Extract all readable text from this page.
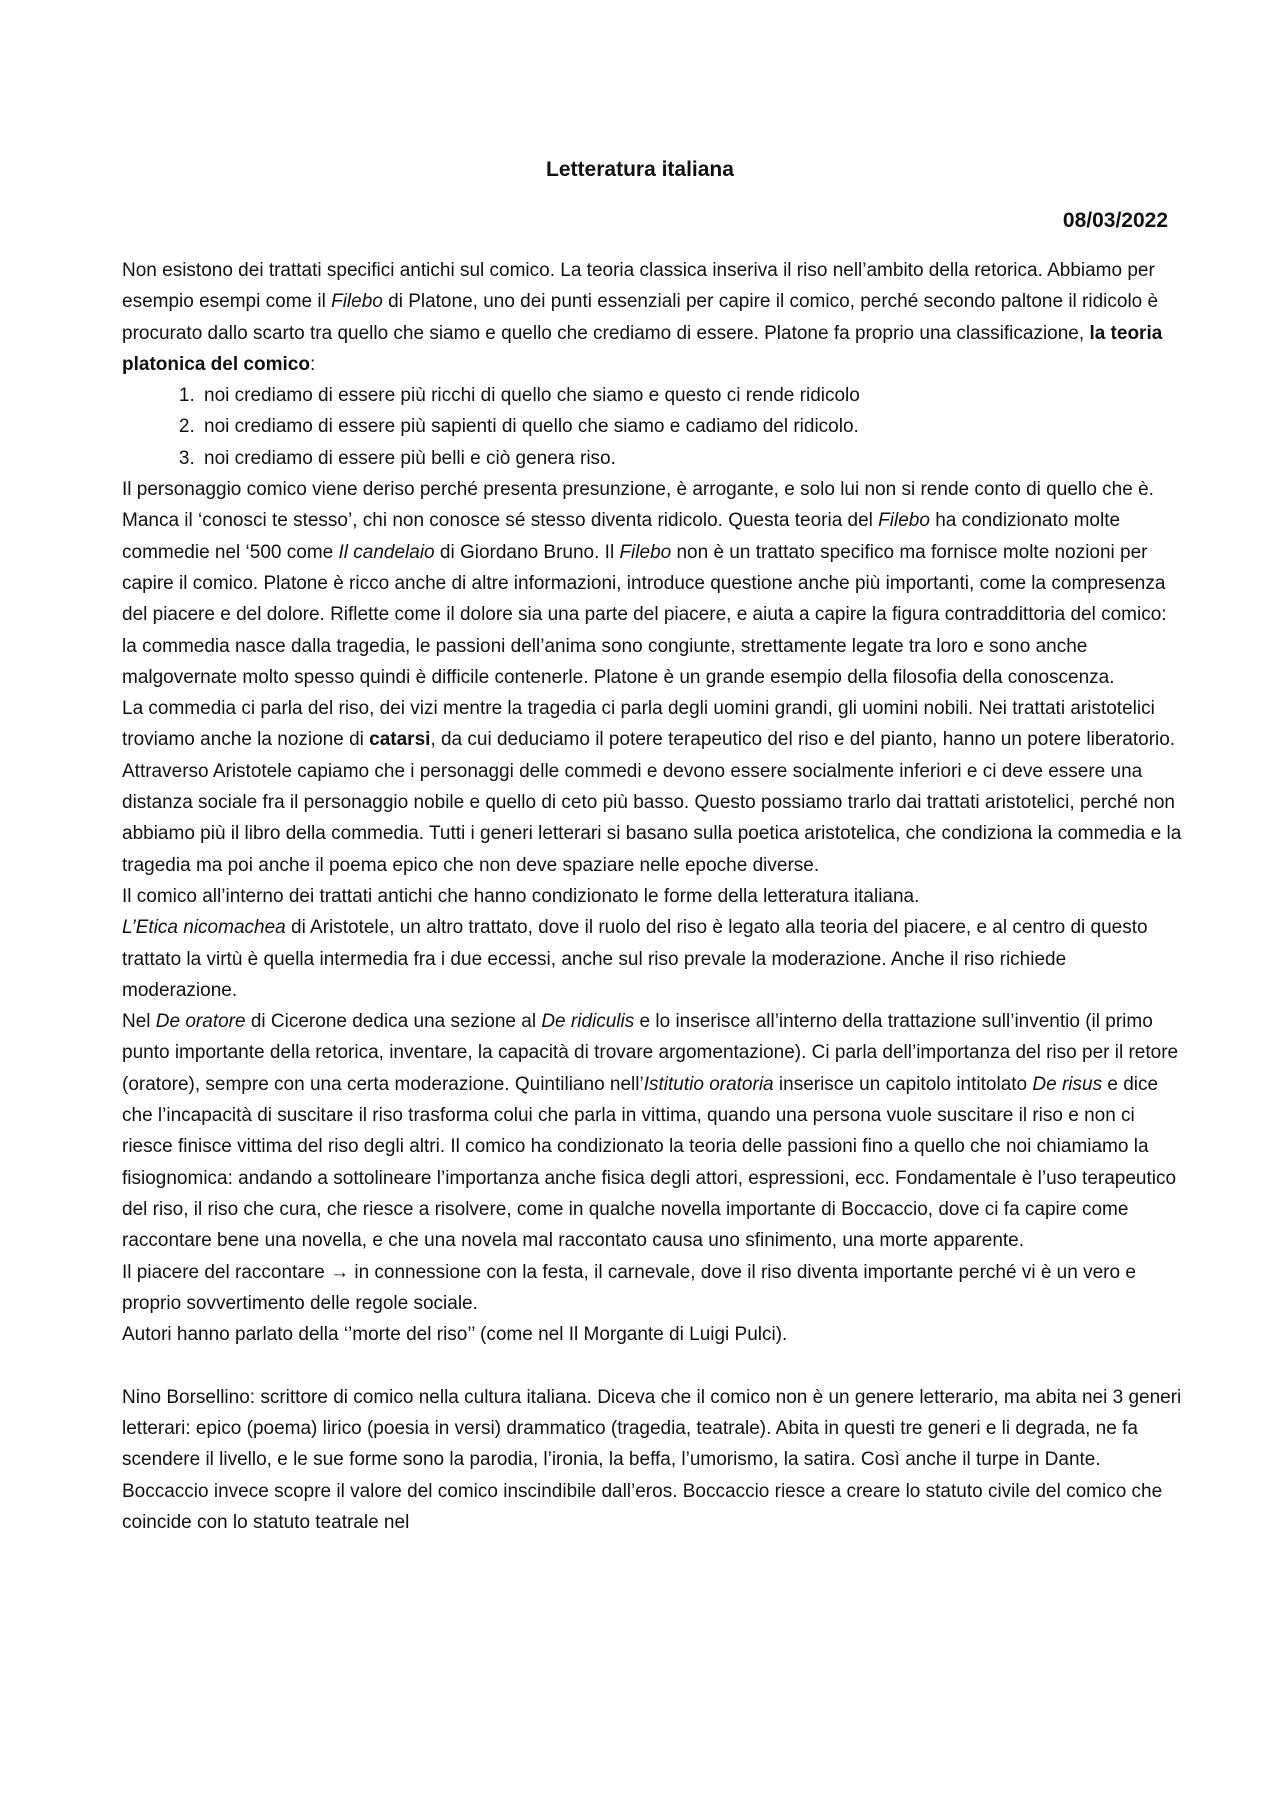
Letteratura italiana
08/03/2022

Non esistono dei trattati specifici antichi sul comico. La teoria classica inseriva il riso nell’ambito della retorica. Abbiamo per esempio esempi come il Filebo di Platone, uno dei punti essenziali per capire il comico, perché secondo paltone il ridicolo è procurato dallo scarto tra quello che siamo e quello che crediamo di essere. Platone fa proprio una classificazione, la teoria platonica del comico:

1. noi crediamo di essere più ricchi di quello che siamo e questo ci rende ridicolo
2. noi crediamo di essere più sapienti di quello che siamo e cadiamo del ridicolo.
3. noi crediamo di essere più belli e ciò genera riso.

Il personaggio comico viene deriso perché presenta presunzione, è arrogante, e solo lui non si rende conto di quello che è. Manca il ‘conosci te stesso’, chi non conosce sé stesso diventa ridicolo. Questa teoria del Filebo ha condizionato molte commedie nel ‘500 come Il candelaio di Giordano Bruno. Il Filebo non è un trattato specifico ma fornisce molte nozioni per capire il comico. Platone è ricco anche di altre informazioni, introduce questione anche più importanti, come la compresenza del piacere e del dolore. Riflette come il dolore sia una parte del piacere, e aiuta a capire la figura contraddittoria del comico: la commedia nasce dalla tragedia, le passioni dell’anima sono congiunte, strettamente legate tra loro e sono anche malgovernate molto spesso quindi è difficile contenerle. Platone è un grande esempio della filosofia della conoscenza.

La commedia ci parla del riso, dei vizi mentre la tragedia ci parla degli uomini grandi, gli uomini nobili. Nei trattati aristotelici troviamo anche la nozione di catarsi, da cui deduciamo il potere terapeutico del riso e del pianto, hanno un potere liberatorio. Attraverso Aristotele capiamo che i personaggi delle commedi e devono essere socialmente inferiori e ci deve essere una distanza sociale fra il personaggio nobile e quello di ceto più basso. Questo possiamo trarlo dai trattati aristotelici, perché non abbiamo più il libro della commedia. Tutti i generi letterari si basano sulla poetica aristotelica, che condiziona la commedia e la tragedia ma poi anche il poema epico che non deve spaziare nelle epoche diverse.

Il comico all’interno dei trattati antichi che hanno condizionato le forme della letteratura italiana.

L’Etica nicomachea di Aristotele, un altro trattato, dove il ruolo del riso è legato alla teoria del piacere, e al centro di questo trattato la virtù è quella intermedia fra i due eccessi, anche sul riso prevale la moderazione. Anche il riso richiede moderazione.

Nel De oratore di Cicerone dedica una sezione al De ridiculis e lo inserisce all’interno della trattazione sull’inventio (il primo punto importante della retorica, inventare, la capacità di trovare argomentazione). Ci parla dell’importanza del riso per il retore (oratore), sempre con una certa moderazione. Quintiliano nell’Istitutio oratoria inserisce un capitolo intitolato De risus e dice che l’incapacità di suscitare il riso trasforma colui che parla in vittima, quando una persona vuole suscitare il riso e non ci riesce finisce vittima del riso degli altri. Il comico ha condizionato la teoria delle passioni fino a quello che noi chiamiamo la fisiognomica: andando a sottolineare l’importanza anche fisica degli attori, espressioni, ecc. Fondamentale è l’uso terapeutico del riso, il riso che cura, che riesce a risolvere, come in qualche novella importante di Boccaccio, dove ci fa capire come raccontare bene una novella, e che una novela mal raccontato causa uno sfinimento, una morte apparente.

Il piacere del raccontare → in connessione con la festa, il carnevale, dove il riso diventa importante perché vi è un vero e proprio sovvertimento delle regole sociale.

Autori hanno parlato della ‘’morte del riso’’ (come nel Il Morgante di Luigi Pulci).

Nino Borsellino: scrittore di comico nella cultura italiana. Diceva che il comico non è un genere letterario, ma abita nei 3 generi letterari: epico (poema) lirico (poesia in versi) drammatico (tragedia, teatrale). Abita in questi tre generi e li degrada, ne fa scendere il livello, e le sue forme sono la parodia, l’ironia, la beffa, l’umorismo, la satira. Così anche il turpe in Dante. Boccaccio invece scopre il valore del comico inscindibile dall’eros. Boccaccio riesce a creare lo statuto civile del comico che coincide con lo statuto teatrale nel
